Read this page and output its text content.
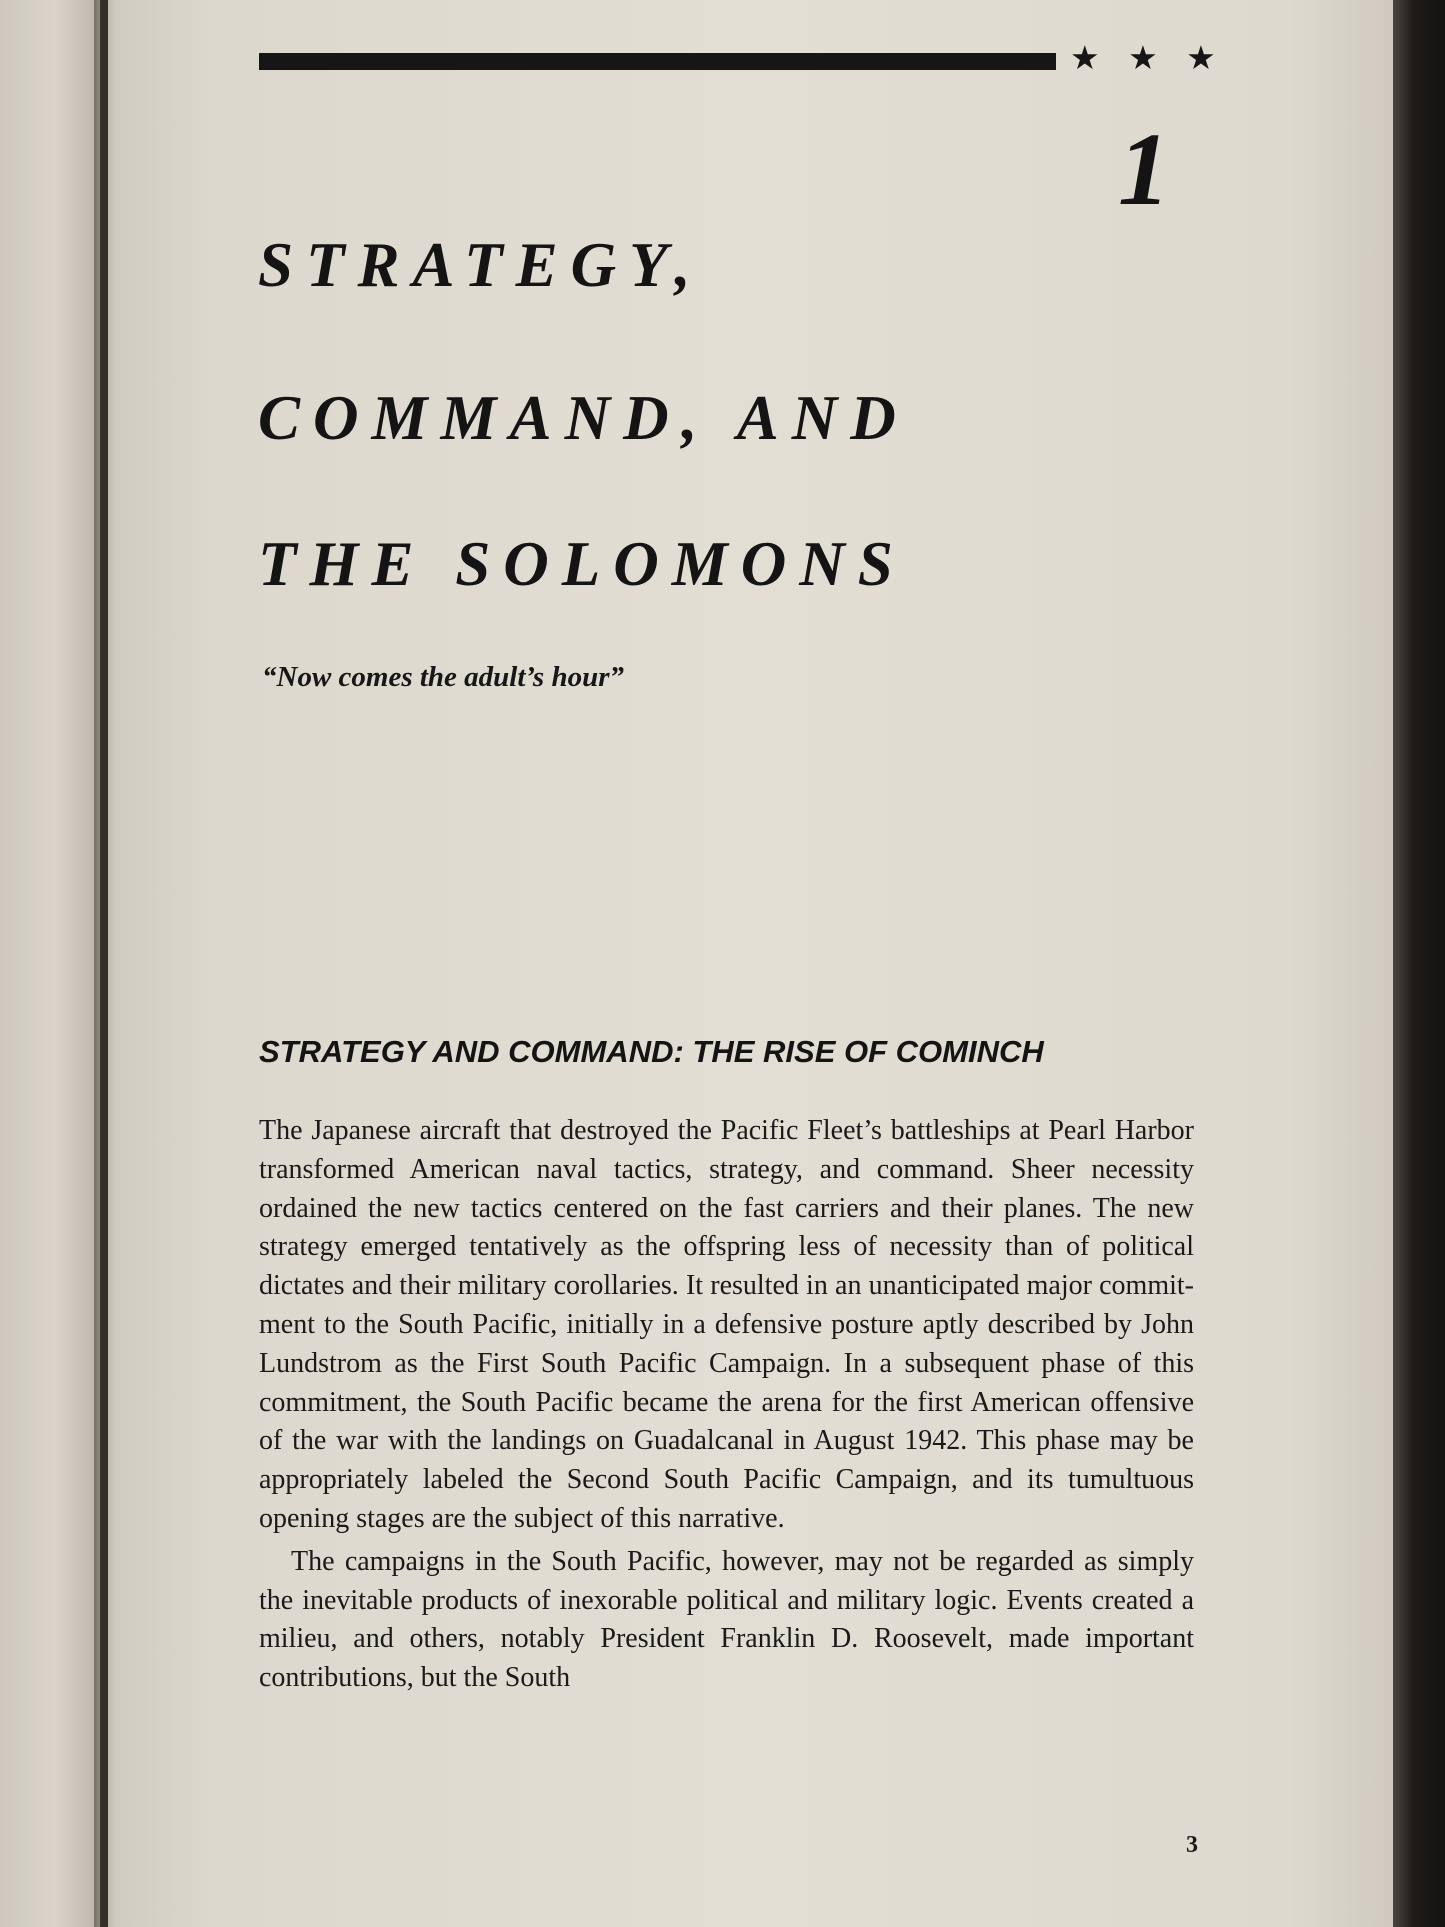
★ ★ ★
1
STRATEGY,
COMMAND, AND
THE SOLOMONS
“Now comes the adult’s hour”
STRATEGY AND COMMAND: THE RISE OF COMINCH

The Japanese aircraft that destroyed the Pacific Fleet’s battleships at Pearl Harbor transformed American naval tactics, strategy, and command. Sheer necessity ordained the new tactics centered on the fast carriers and their planes. The new strategy emerged tentatively as the offspring less of necessity than of political dictates and their military corollaries. It resulted in an unanticipated major commitment to the South Pacific, initially in a defensive posture aptly described by John Lundstrom as the First South Pacific Campaign. In a subsequent phase of this commitment, the South Pacific became the arena for the first American offensive of the war with the landings on Guadalcanal in August 1942. This phase may be appropriately labeled the Second South Pacific Campaign, and its tumultuous opening stages are the subject of this narrative.

The campaigns in the South Pacific, however, may not be regarded as simply the inevitable products of inexorable political and military logic. Events created a milieu, and others, notably President Franklin D. Roosevelt, made important contributions, but the South

3
